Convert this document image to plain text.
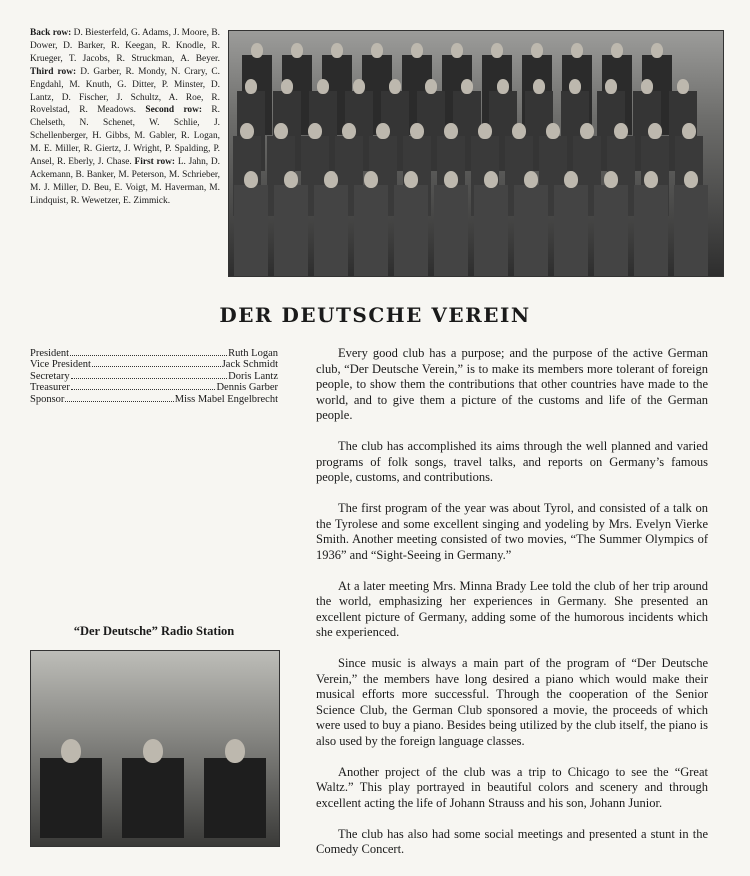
Back row: D. Biesterfeld, G. Adams, J. Moore, B. Dower, D. Barker, R. Keegan, R. Knodle, R. Krueger, T. Jacobs, R. Struckman, A. Beyer. Third row: D. Garber, R. Mondy, N. Crary, C. Engdahl, M. Knuth, G. Ditter, P. Minster, D. Lantz, D. Fischer, J. Schultz, A. Roe, R. Rovelstad, R. Meadows. Second row: R. Chelseth, N. Schenet, W. Schlie, J. Schellenberger, H. Gibbs, M. Gabler, R. Logan, M. E. Miller, R. Giertz, J. Wright, P. Spalding, P. Ansel, R. Eberly, J. Chase. First row: L. Jahn, D. Ackemann, B. Banker, M. Peterson, M. Schrieber, M. J. Miller, D. Beu, E. Voigt, M. Haverman, M. Lindquist, R. Wewetzer, E. Zimmick.
DER DEUTSCHE VEREIN
President	Ruth Logan
Vice President	Jack Schmidt
Secretary	Doris Lantz
Treasurer	Dennis Garber
Sponsor	Miss Mabel Engelbrecht
“Der Deutsche” Radio Station

Every good club has a purpose; and the purpose of the active German club, “Der Deutsche Verein,” is to make its members more tolerant of foreign people, to show them the contributions that other countries have made to the world, and to give them a picture of the customs and life of the German people.

The club has accomplished its aims through the well planned and varied programs of folk songs, travel talks, and reports on Germany’s famous people, customs, and contributions.

The first program of the year was about Tyrol, and consisted of a talk on the Tyrolese and some excellent singing and yodeling by Mrs. Evelyn Vierke Smith. Another meeting consisted of two movies, “The Summer Olympics of 1936” and “Sight-Seeing in Germany.”

At a later meeting Mrs. Minna Brady Lee told the club of her trip around the world, emphasizing her experiences in Germany. She presented an excellent picture of Germany, adding some of the humorous incidents which she experienced.

Since music is always a main part of the program of “Der Deutsche Verein,” the members have long desired a piano which would make their musical efforts more successful. Through the cooperation of the Senior Science Club, the German Club sponsored a movie, the proceeds of which were used to buy a piano. Besides being utilized by the club itself, the piano is also used by the foreign language classes.

Another project of the club was a trip to Chicago to see the “Great Waltz.” This play portrayed in beautiful colors and scenery and through excellent acting the life of Johann Strauss and his son, Johann Junior.

The club has also had some social meetings and presented a stunt in the Comedy Concert.
